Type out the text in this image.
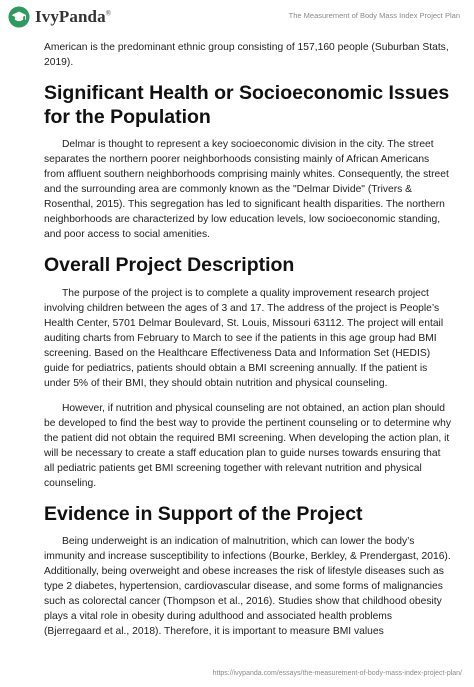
IvyPanda®	The Measurement of Body Mass Index Project Plan

American is the predominant ethnic group consisting of 157,160 people (Suburban Stats, 2019).

Significant Health or Socioeconomic Issues for the Population

Delmar is thought to represent a key socioeconomic division in the city. The street separates the northern poorer neighborhoods consisting mainly of African Americans from affluent southern neighborhoods comprising mainly whites. Consequently, the street and the surrounding area are commonly known as the "Delmar Divide" (Trivers & Rosenthal, 2015). This segregation has led to significant health disparities. The northern neighborhoods are characterized by low education levels, low socioeconomic standing, and poor access to social amenities.

Overall Project Description

The purpose of the project is to complete a quality improvement research project involving children between the ages of 3 and 17. The address of the project is People’s Health Center, 5701 Delmar Boulevard, St. Louis, Missouri 63112. The project will entail auditing charts from February to March to see if the patients in this age group had BMI screening. Based on the Healthcare Effectiveness Data and Information Set (HEDIS) guide for pediatrics, patients should obtain a BMI screening annually. If the patient is under 5% of their BMI, they should obtain nutrition and physical counseling.

However, if nutrition and physical counseling are not obtained, an action plan should be developed to find the best way to provide the pertinent counseling or to determine why the patient did not obtain the required BMI screening. When developing the action plan, it will be necessary to create a staff education plan to guide nurses towards ensuring that all pediatric patients get BMI screening together with relevant nutrition and physical counseling.

Evidence in Support of the Project

Being underweight is an indication of malnutrition, which can lower the body’s immunity and increase susceptibility to infections (Bourke, Berkley, & Prendergast, 2016). Additionally, being overweight and obese increases the risk of lifestyle diseases such as type 2 diabetes, hypertension, cardiovascular disease, and some forms of malignancies such as colorectal cancer (Thompson et al., 2016). Studies show that childhood obesity plays a vital role in obesity during adulthood and associated health problems (Bjerregaard et al., 2018). Therefore, it is important to measure BMI values

https://ivypanda.com/essays/the-measurement-of-body-mass-index-project-plan/
